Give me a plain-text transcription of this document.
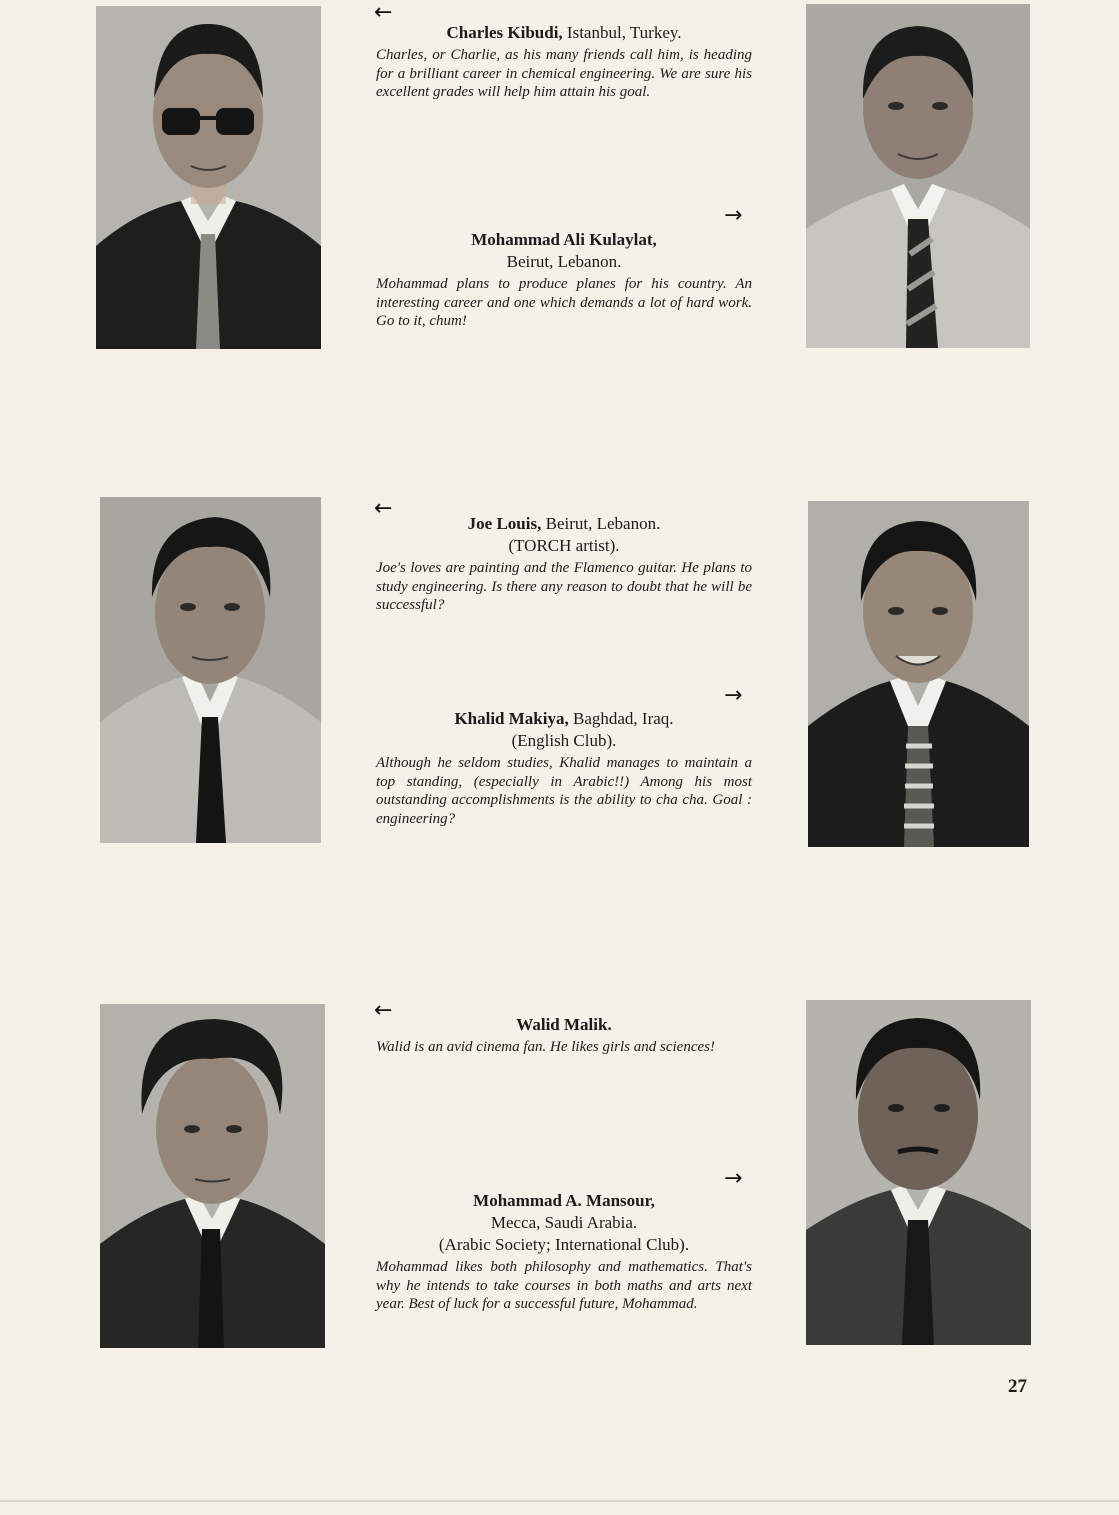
←
Charles Kibudi, Istanbul, Turkey.
Charles, or Charlie, as his many friends call him, is heading for a brilliant career in chemical engineering. We are sure his excellent grades will help him attain his goal.
→
Mohammad Ali Kulaylat,
Beirut, Lebanon.
Mohammad plans to produce planes for his country. An interesting career and one which demands a lot of hard work. Go to it, chum!
←
Joe Louis, Beirut, Lebanon.
(TORCH artist).
Joe's loves are painting and the Flamenco guitar. He plans to study engineering. Is there any reason to doubt that he will be successful?
→
Khalid Makiya, Baghdad, Iraq.
(English Club).
Although he seldom studies, Khalid manages to maintain a top standing, (especially in Arabic!!) Among his most outstanding accomplishments is the ability to cha cha. Goal : engineering?
←
Walid Malik.
Walid is an avid cinema fan. He likes girls and sciences!
→
Mohammad A. Mansour,
Mecca, Saudi Arabia.
(Arabic Society; International Club).
Mohammad likes both philosophy and mathematics. That's why he intends to take courses in both maths and arts next year. Best of luck for a successful future, Mohammad.
27
